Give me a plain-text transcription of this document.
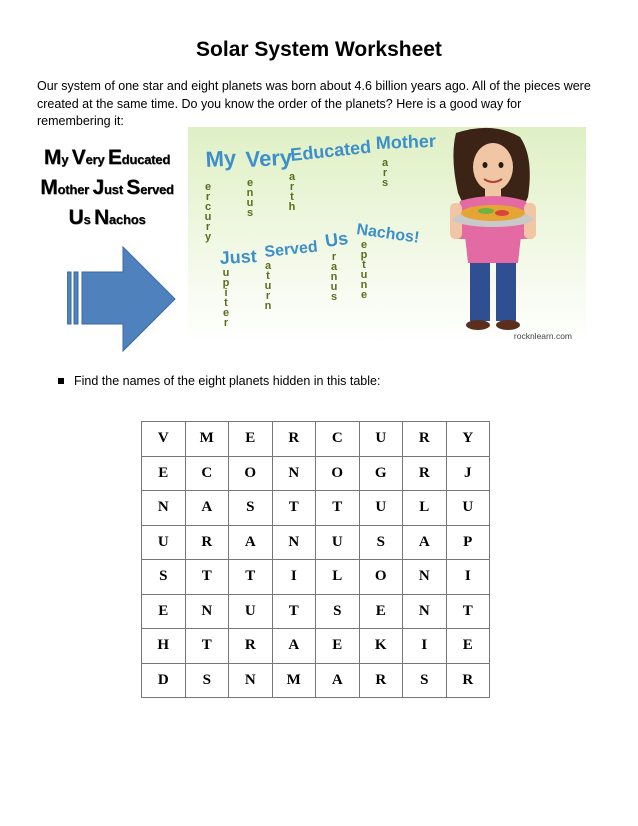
Solar System Worksheet
Our system of one star and eight planets was born about 4.6 billion years ago. All of the pieces were created at the same time. Do you know the order of the planets? Here is a good way for remembering it:
My Very Educated
Mother Just Served
Us Nachos
My Very
Educated Mother
Just Served Us Nachos!
ercury	enus	arth	ars
upiter	aturn	ranus eptune
rocknlearn.com
Find the names of the eight planets hidden in this table:
V	M	E	R	C	U	R	Y
E	C	O	N	O	G	R	J
N	A	S	T	T	U	L	U
U	R	A	N	U	S	A	P
S	T	T	I	L	O	N	I
E	N	U	T	S	E	N	T
H	T	R	A	E	K	I	E
D	S	N	M	A	R	S	R
